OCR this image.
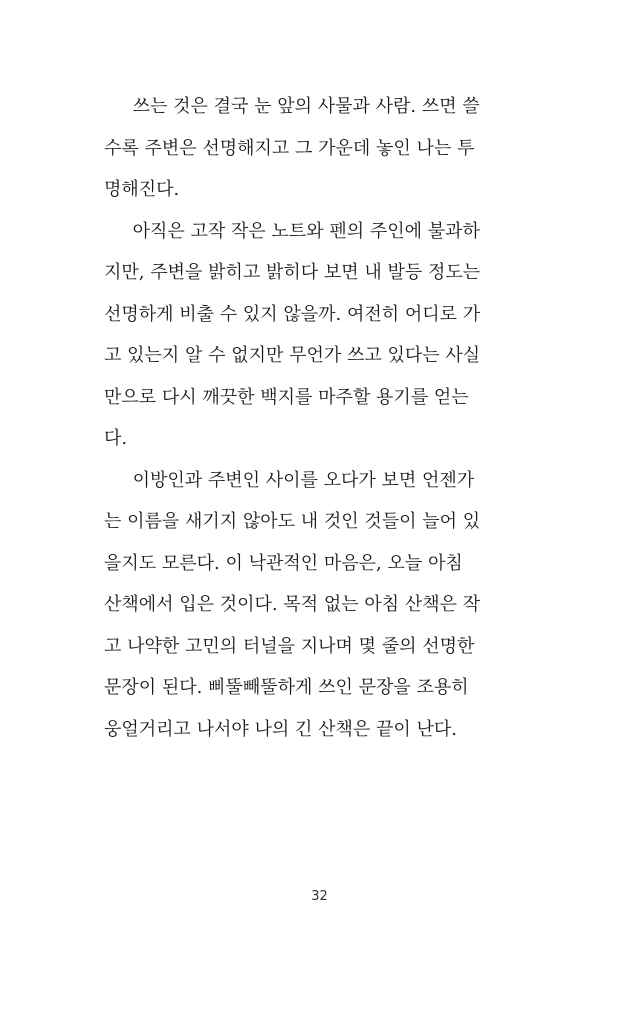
쓰는 것은 결국 눈 앞의 사물과 사람. 쓰면 쓸
수록 주변은 선명해지고 그 가운데 놓인 나는 투
명해진다.

아직은 고작 작은 노트와 펜의 주인에 불과하
지만, 주변을 밝히고 밝히다 보면 내 발등 정도는
선명하게 비출 수 있지 않을까. 여전히 어디로 가
고 있는지 알 수 없지만 무언가 쓰고 있다는 사실
만으로 다시 깨끗한 백지를 마주할 용기를 얻는
다.

이방인과 주변인 사이를 오다가 보면 언젠가
는 이름을 새기지 않아도 내 것인 것들이 늘어 있
을지도 모른다. 이 낙관적인 마음은, 오늘 아침
산책에서 입은 것이다. 목적 없는 아침 산책은 작
고 나약한 고민의 터널을 지나며 몇 줄의 선명한
문장이 된다. 삐뚤빼뚤하게 쓰인 문장을 조용히
웅얼거리고 나서야 나의 긴 산책은 끝이 난다.

32
